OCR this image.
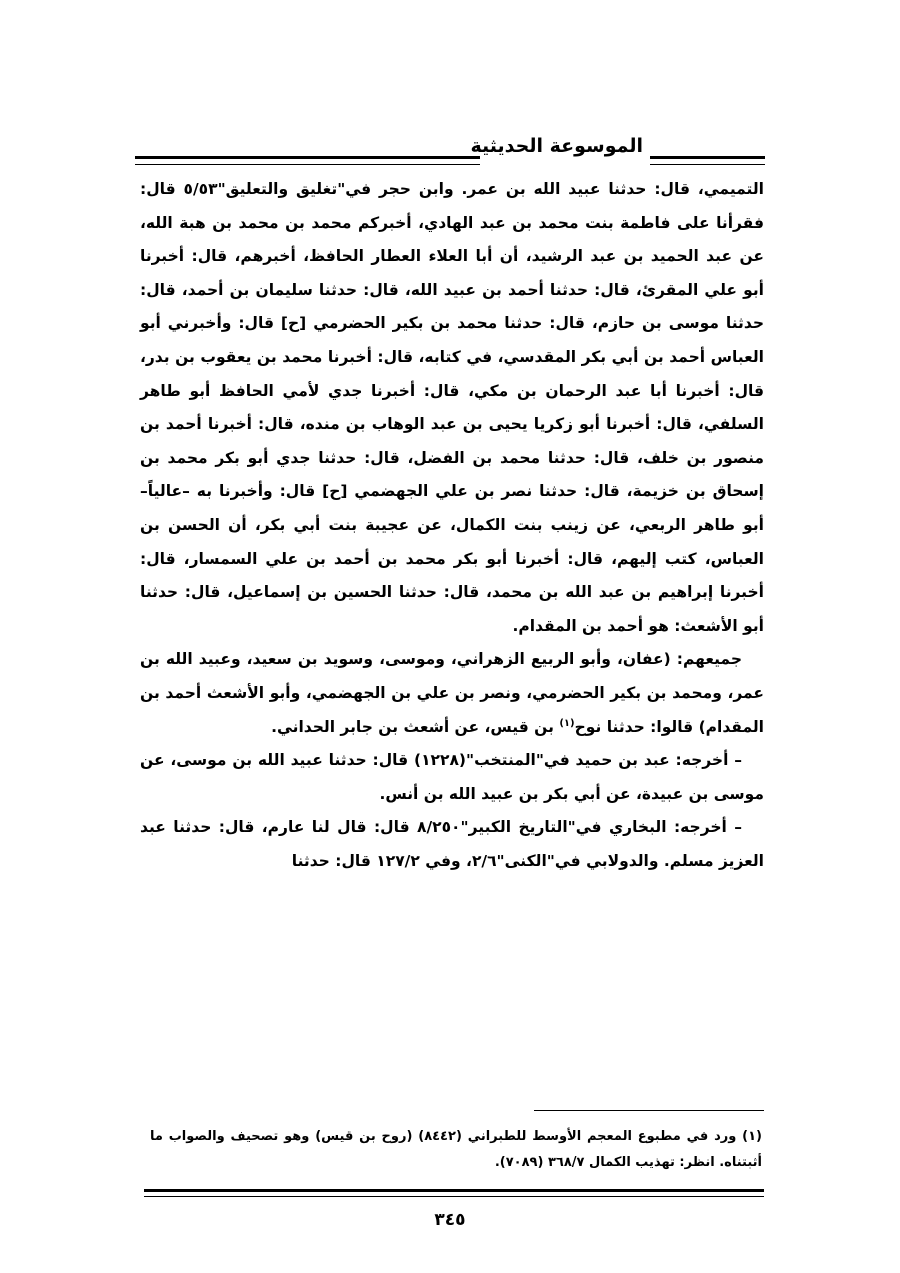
الموسوعة الحديثية

التميمي، قال: حدثنا عبيد الله بن عمر. وابن حجر في"تغليق والتعليق"٥/٥٣ قال: فقرأنا على فاطمة بنت محمد بن عبد الهادي، أخبركم محمد بن محمد بن هبة الله، عن عبد الحميد بن عبد الرشيد، أن أبا العلاء العطار الحافظ، أخبرهم، قال: أخبرنا أبو علي المقرئ، قال: حدثنا أحمد بن عبيد الله، قال: حدثنا سليمان بن أحمد، قال: حدثنا موسى بن حازم، قال: حدثنا محمد بن بكير الحضرمي [ح] قال: وأخبرني أبو العباس أحمد بن أبي بكر المقدسي، في كتابه، قال: أخبرنا محمد بن يعقوب بن بدر، قال: أخبرنا أبا عبد الرحمان بن مكي، قال: أخبرنا جدي لأمي الحافظ أبو طاهر السلفي، قال: أخبرنا أبو زكريا يحيى بن عبد الوهاب بن منده، قال: أخبرنا أحمد بن منصور بن خلف، قال: حدثنا محمد بن الفضل، قال: حدثنا جدي أبو بكر محمد بن إسحاق بن خزيمة، قال: حدثنا نصر بن علي الجهضمي [ح] قال: وأخبرنا به –عالياً– أبو طاهر الربعي، عن زينب بنت الكمال، عن عجيبة بنت أبي بكر، أن الحسن بن العباس، كتب إليهم، قال: أخبرنا أبو بكر محمد بن أحمد بن علي السمسار، قال: أخبرنا إبراهيم بن عبد الله بن محمد، قال: حدثنا الحسين بن إسماعيل، قال: حدثنا أبو الأشعث: هو أحمد بن المقدام.

جميعهم: (عفان، وأبو الربيع الزهراني، وموسى، وسويد بن سعيد، وعبيد الله بن عمر، ومحمد بن بكير الحضرمي، ونصر بن علي بن الجهضمي، وأبو الأشعث أحمد بن المقدام) قالوا: حدثنا نوح$^{(١)}$ بن قيس، عن أشعث بن جابر الحداني.

– أخرجه: عبد بن حميد في"المنتخب"(١٢٢٨) قال: حدثنا عبيد الله بن موسى، عن موسى بن عبيدة، عن أبي بكر بن عبيد الله بن أنس.

– أخرجه: البخاري في"التاريخ الكبير"٨/٢٥٠ قال: قال لنا عارم، قال: حدثنا عبد العزيز مسلم. والدولابي في"الكنى"٢/٦، وفي ١٢٧/٢ قال: حدثنا

(١) ورد في مطبوع المعجم الأوسط للطبراني (٨٤٤٢) (روح بن قيس) وهو تصحيف والصواب ما أثبتناه. انظر: تهذيب الكمال ٣٦٨/٧ (٧٠٨٩).

٣٤٥
